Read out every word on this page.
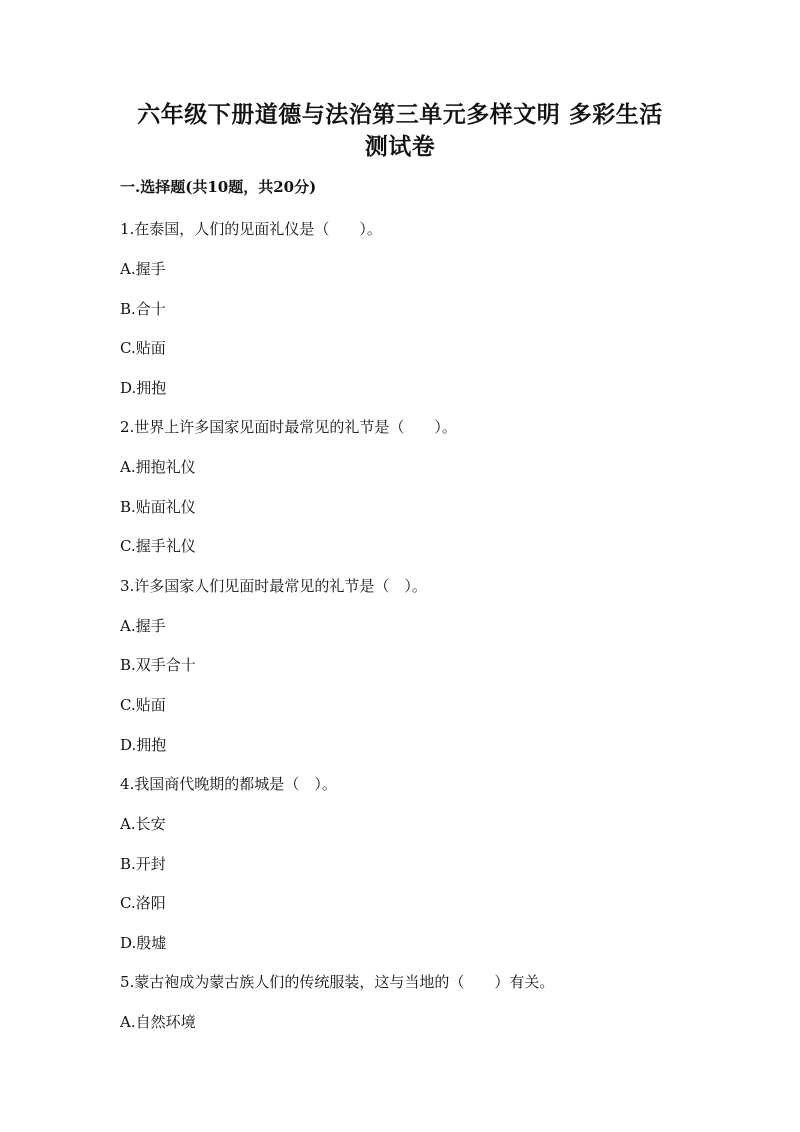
六年级下册道德与法治第三单元多样文明 多彩生活
测试卷

一.选择题(共10题，共20分)

1.在泰国，人们的见面礼仪是（　　）。

A.握手

B.合十

C.贴面

D.拥抱

2.世界上许多国家见面时最常见的礼节是（　　）。

A.拥抱礼仪

B.贴面礼仪

C.握手礼仪

3.许多国家人们见面时最常见的礼节是（　）。

A.握手

B.双手合十

C.贴面

D.拥抱

4.我国商代晚期的都城是（　）。

A.长安

B.开封

C.洛阳

D.殷墟

5.蒙古袍成为蒙古族人们的传统服装，这与当地的（　　）有关。

A.自然环境
